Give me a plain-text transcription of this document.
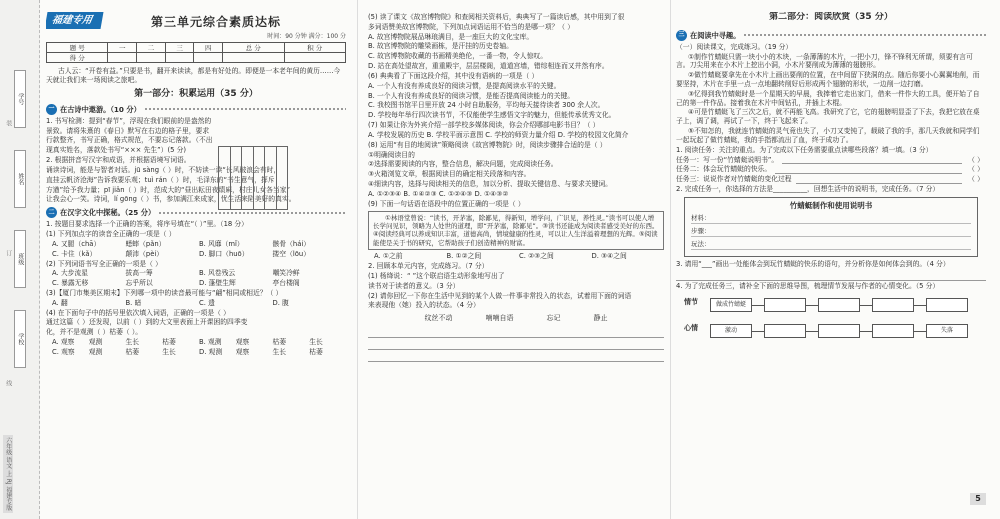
学号
姓名
班级
学校
装
订
线
六年级 语文 上 RJ 福建专版
福建专用	第三单元综合素质达标
时间：90 分钟 满分：100 分
题 号	一	二	三	四	总 分	积 分
得 分						
古人云：“开卷有益。”只要是书，翻开来读读，都是有好处的。即便是一本老年间的黄历……今天就让我们来一场阅读之旅吧。
第一部分：积累运用（35 分）
一 在古诗中遨游。（10 分）
1. 书写检测：提到“春节”，浮现在我们眼前的是盎然的
景致。请将朱熹的《春日》默写在右边的格子里，要求
行款整齐，书写正确，格式规范，不要忘记落款。（不出
现真实姓名，落款处书写“××× 先生”）(5 分)
2. 根据拼音写汉字和成语，并根据语境写词语。
诵读诗词，能是与智者对话。jū sàng（ ）时，不妨读一读“长风破浪会有时，
直挂云帆济沧海”告诉我要乐观；tuì rán（ ）时，毛泽东的“书生意气，挥斥
方遒”给予我力量；pī jiǎn（ ）时，范成大的“昼出耘田夜绩麻，村庄儿女各当家”
让我会心一笑。诗词，lí gōng（ ）书，参加满江来成家，忧生活来陷美好的真实。
二 在汉字文化中探秘。（25 分）
1. 按题目要求选择一个正确的答案，将序号填在“（ ）”里。（18 分）
(1) 下列加点字的读音全正确的一项是（ ）
A. 又腿（chā）	蟋蟀（pǎn）	B. 风靡（mǐ）	骸骨（hái）
C. 卡住（kǎ）	颠沛（pèi）	D. 脚口（huō）	搂空（lōu）
(2) 下列词语书写全正确的一项是（ ）
A. 大步流星	拔高一筹	B. 风卷残云	嘲笑冷鲜
C. 暴露无移	忘乎所以	D. 蓬壁生辉	亭台楼阁
(3)【厦门市集美区期末】下列哪一项中的读音最可能与“翩”相同或相近？（ ）
A. 翻	B. 暗	C. 遗	D. 腹
(4) 在下面句子中的括号里依次填入词语，正确的一项是（ ）
通过这篇（ ）还发现，以前（ ）到的大文里表面上开课困的四季变
化，并不是观测（ ）枯萎（ ）。
A. 观察	观测	生长	枯萎	B. 观测	观察	枯萎	生长
C. 观察	观测	枯萎	生长	D. 观测	观察	生长	枯萎
(5) 读了课文《故宫博物院》和查阅相关资料后，典典写了一篇读后感，其中用到了很
多词语赞美故宫博物院，下列加点词语运用不恰当的是哪一项？（ ）
A. 故宫博物院展品琳琅满目，是一座巨大的文化宝库。
B. 故宫博物院的雕梁画栋，是汗挂的历史卷轴。
C. 故宫博物院收藏的书画精美绝伦，一番一物，令人惊叹。
D. 站在高处望故宫，重重殿宇，层层楼阁，道道宫墙，错综相连而又井然有序。
(6) 典典看了下面这段介绍，其中没有语病的一项是（ ）
A. 一个人有没有养成良好的阅读习惯，是提高阅读水平的关键。
B. 一个人有没有养成良好的阅读习惯，是能否提高阅读能力的关键。
C. 我校图书馆平日里开放 24 小时自助服务，平均每天接待读者 300 余人次。
D. 学校每年举行四次读书节，不仅能使学生感悟文字的魅力，但能传承优秀文化。
(7) 如果让你为外宾介绍一部学校多媒体阅读，你会介绍哪部电影书目？（ ）
A. 学校发展的历史 B. 学校平面示意图 C. 学校的师资力量介绍 D. 学校的校园文化简介
(8) 运用“有目的地阅读”策略阅读《故宫博物院》时，阅读步骤排合适的是（ ）
①明确阅读目的
②选择需要阅读的内容，整合信息，解决问题，完成阅读任务。
③火箱浏览文章，根据阅读目的确定相关段落和内容。
④细读内容，选择与阅读相关的信息，加以分析、提取关键信息、与要求关键词。
A. ①②③④ B. ①④②③ C. ①②④③ D. ①④③②
(9) 下面一句话语在语段中的位置正确的一项是（ ）
①林语堂曾说：“读书，开茅塞，除鄙见，得新知，增学问，广识见，养性灵。”读书可以使人增长学问见识，领略为人处世的道理，即“开茅塞，除鄙见”。③读书还能成为阅读者感受美好的东西。④阅读经典可以养成知识丰富，道德高尚，情境健康的性灵，可以让人生洋溢着理想的光辉。⑤阅读能使是关于书的研究，它帮助孩子们创造精神的财富。
A. ①之前	B. ①②之间	C. ②③之间	D. ③④之间
2. 回顾本单元内容，完成练习。（7 分）
(1) 杨绛说：“ ”这个联启语生动形象地写出了
读书对于读者的意义。（3 分）
(2) 请你回忆一下你在生活中见到的某个人做一件事非常投入的状态，试着用下面的词语
来表现他（她）投入的状态。（4 分）
纹丝不动	喃喃自语	忘记	静止
第二部分：阅读欣赏（35 分）
三 在阅读中寻趣。
（一）阅读课文，完成练习。（19 分）
①制作竹蜻蜓只需一块小小的木块，一条薄薄的木片，一把小刀，锋不锋利无所谓，须要有言可言。刀尖用来在小木片上挖出小洞，小木片要削成为薄薄的翅膀形。
②做竹蜻蜓要拿先在小木片上画出要削的位置，在中间留下狭洞的点。随后你要小心翼翼地削，而要坚持，木片在手里一点一点地翻转削好后形成两个翅膀的形状，一边削一边打磨。
③忆得到我竹蜻蜓时是一个星期天的早晨，我捧着它走出家门，借来一件作大的工具，便开始了自己的第一件作品。接着我在木片中间钻孔，并插上木棍。
④可是竹蜻蜓飞了三次之后，就不再能飞高。我研究了它，它的翅膀明显歪了下去，我把它放在桌子上，调了调，再试了一下，终于飞起来了。
⑤不知怎的，我就连竹蜻蜓的灵气竟也失了，小刀又变钝了，载破了我的手，那几天我就和同学们一起玩起了做竹蜻蜓，我的手指都流出了血，终于成功了。
1. 阅读任务：关注的重点。为了完成以下任务需要重点读哪些段落？填一填。（3 分）
任务一：写一份“竹蜻蜓说明书”。	（ ）
任务二：体会玩竹蜻蜓的快乐。	（ ）
任务三：说说作者对竹蜻蜓的变化过程	（ ）
2. 完成任务一，你选择的方法是__________，回想生活中的说明书，完成任务。（7 分）
竹蜻蜓制作和使用说明书
材料：
步骤：
玩法：
3. 请用“___”画出一处能体会到玩竹蜻蜓的快乐的语句，并分析你是如何体会到的。（4 分）
4. 为了完成任务三，请补全下面的思维导图，梳理情节发展与作者的心情变化。（5 分）
情节
心情
做成竹蜻蜓
激动	失落
5
